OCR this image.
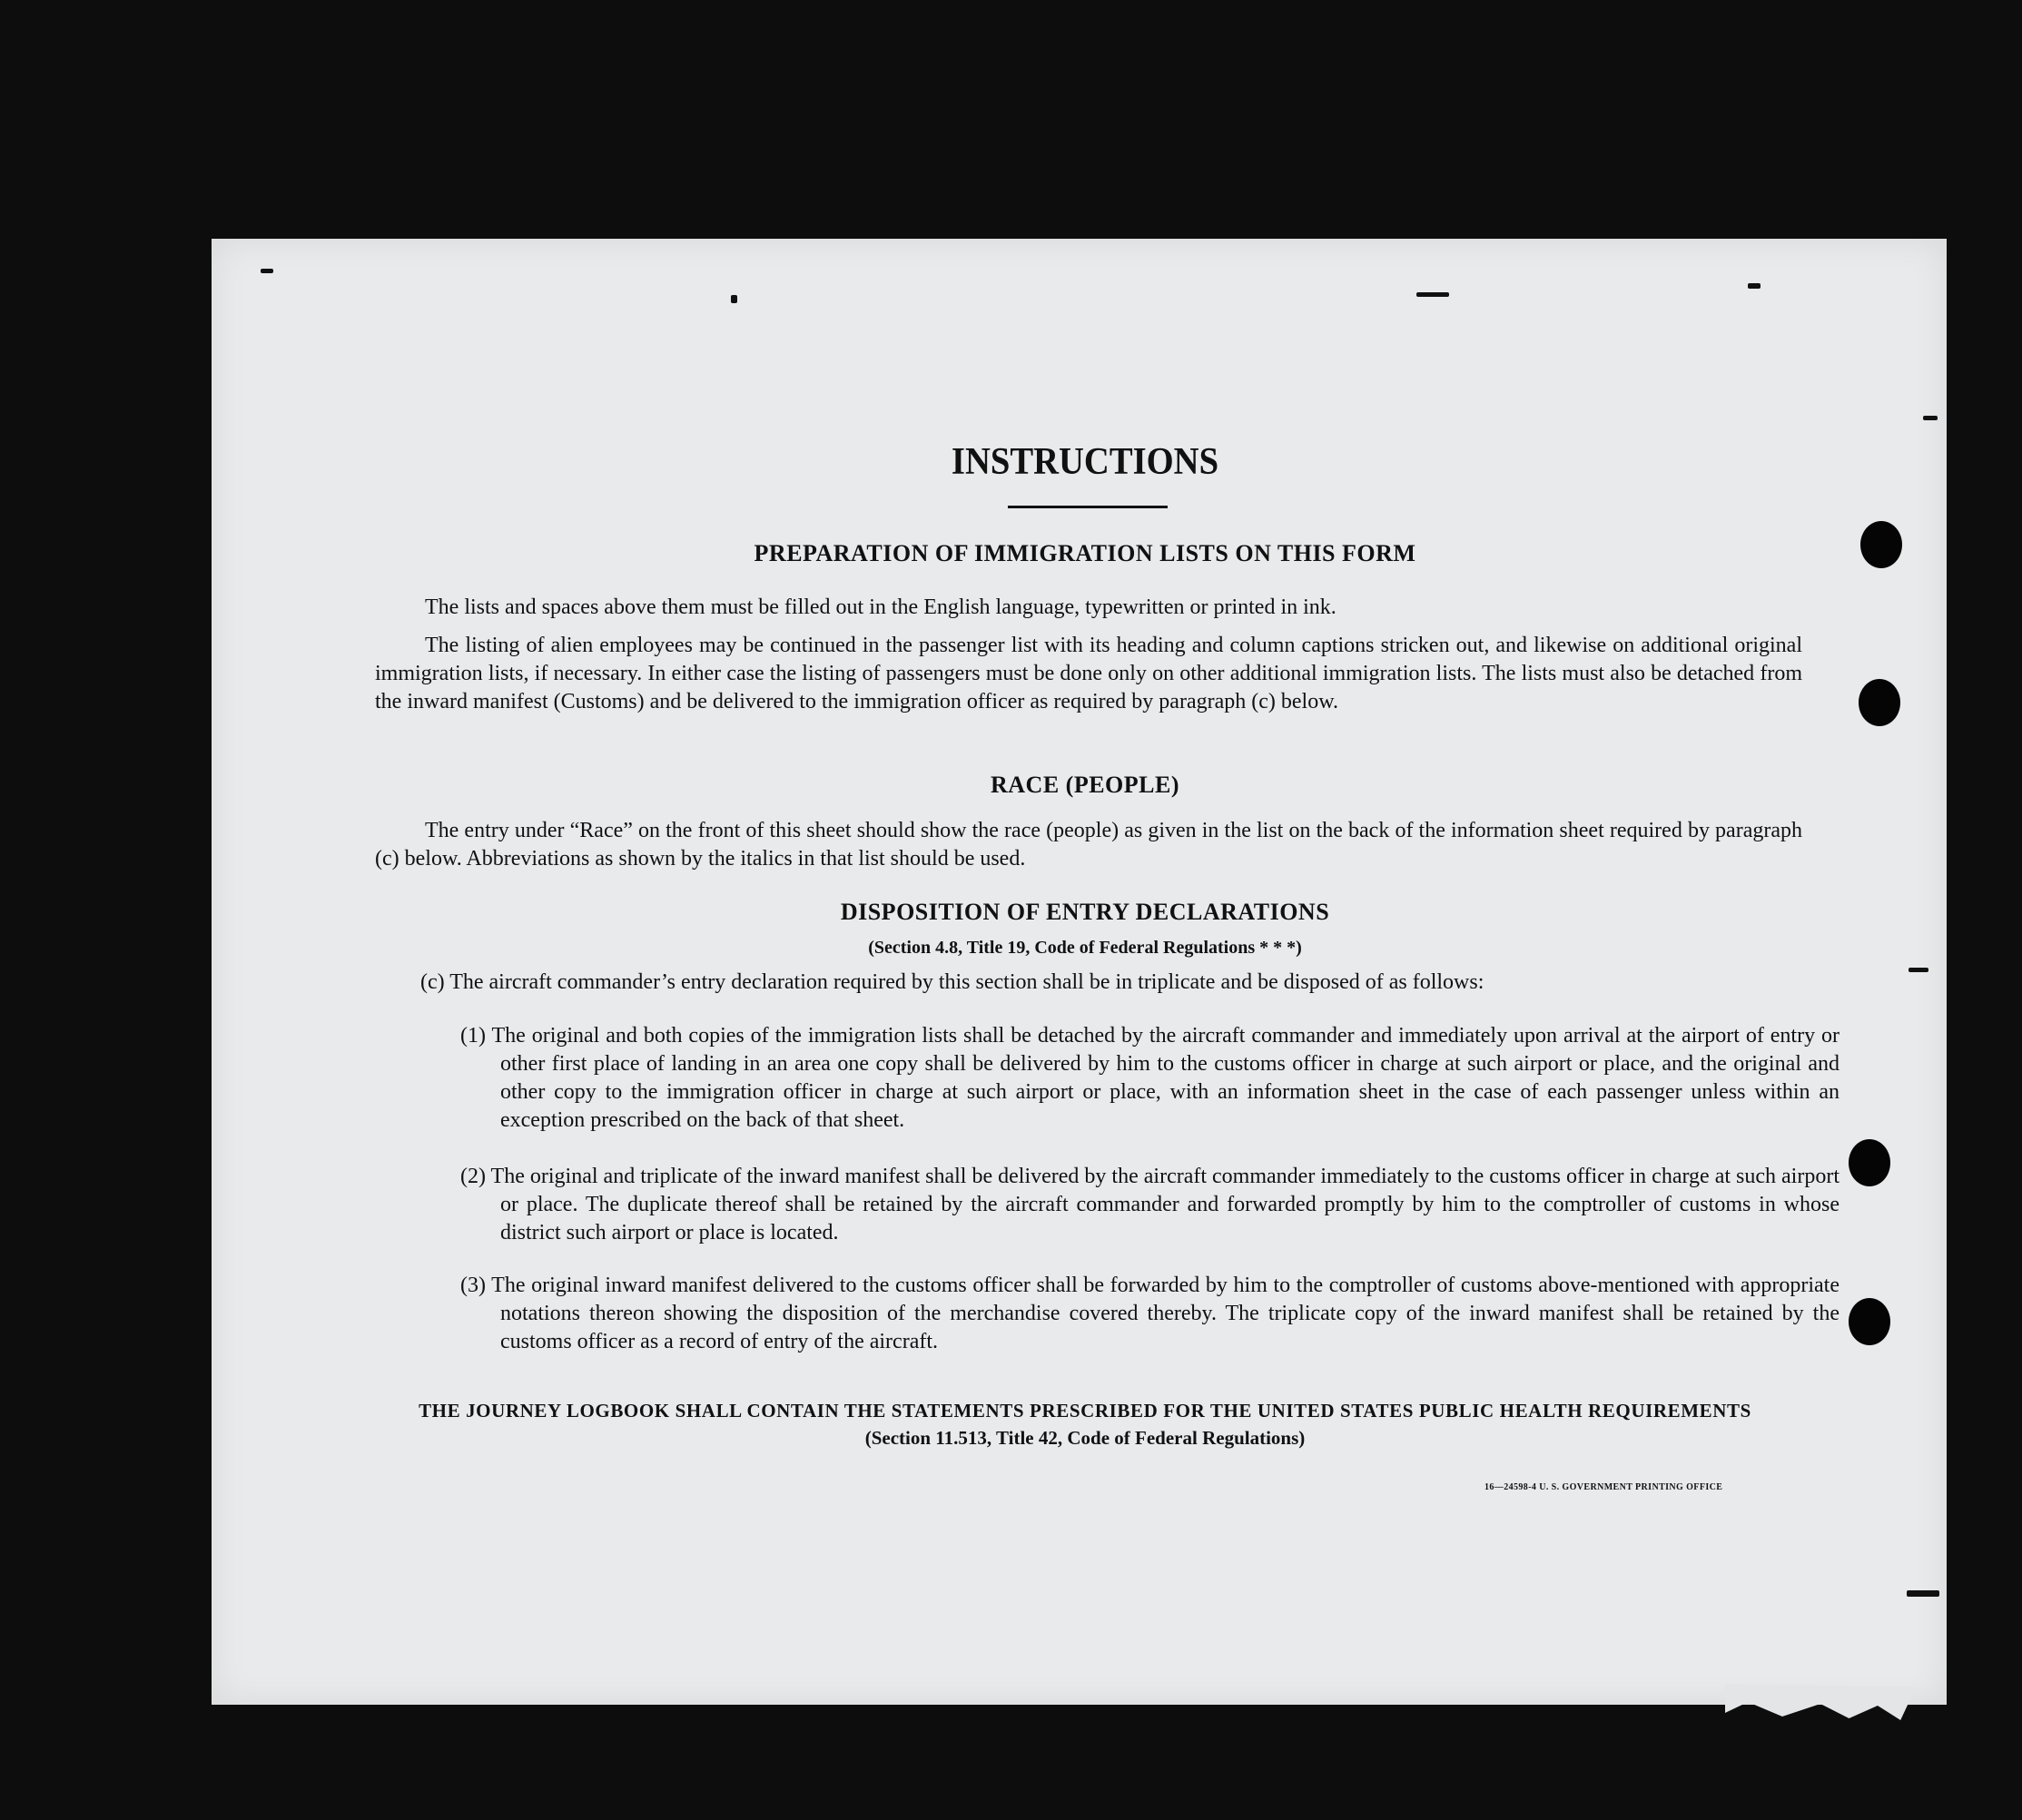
INSTRUCTIONS
PREPARATION OF IMMIGRATION LISTS ON THIS FORM
The lists and spaces above them must be filled out in the English language, typewritten or printed in ink.
The listing of alien employees may be continued in the passenger list with its heading and column captions stricken out, and likewise on additional original immigration lists, if necessary. In either case the listing of passengers must be done only on other additional immigration lists. The lists must also be detached from the inward manifest (Customs) and be delivered to the immigration officer as required by paragraph (c) below.
RACE (PEOPLE)
The entry under “Race” on the front of this sheet should show the race (people) as given in the list on the back of the information sheet required by paragraph (c) below. Abbreviations as shown by the italics in that list should be used.
DISPOSITION OF ENTRY DECLARATIONS
(Section 4.8, Title 19, Code of Federal Regulations * * *)
(c) The aircraft commander’s entry declaration required by this section shall be in triplicate and be disposed of as follows:
(1) The original and both copies of the immigration lists shall be detached by the aircraft commander and immediately upon arrival at the airport of entry or other first place of landing in an area one copy shall be delivered by him to the customs officer in charge at such airport or place, and the original and other copy to the immigration officer in charge at such airport or place, with an information sheet in the case of each passenger unless within an exception prescribed on the back of that sheet.
(2) The original and triplicate of the inward manifest shall be delivered by the aircraft commander immediately to the customs officer in charge at such airport or place. The duplicate thereof shall be retained by the aircraft commander and forwarded promptly by him to the comptroller of customs in whose district such airport or place is located.
(3) The original inward manifest delivered to the customs officer shall be forwarded by him to the comptroller of customs above-mentioned with appropriate notations thereon showing the disposition of the merchandise covered thereby. The triplicate copy of the inward manifest shall be retained by the customs officer as a record of entry of the aircraft.
THE JOURNEY LOGBOOK SHALL CONTAIN THE STATEMENTS PRESCRIBED FOR THE UNITED STATES PUBLIC HEALTH REQUIREMENTS
(Section 11.513, Title 42, Code of Federal Regulations)
16—24598-4 U. S. GOVERNMENT PRINTING OFFICE
